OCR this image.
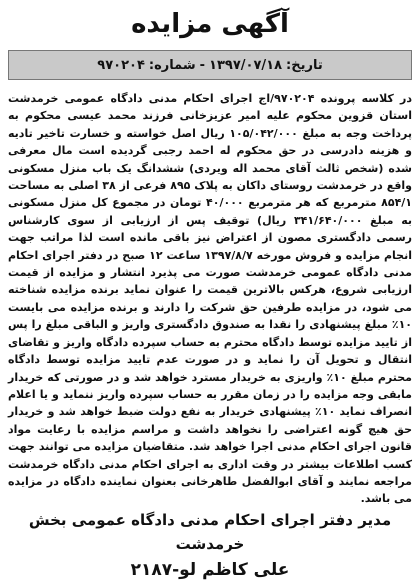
آگهی مزایده
تاریخ:
۱۳۹۷/۰۷/۱۸
-
شماره:
۹۷۰۲۰۴
در کلاسه پرونده ۹۷۰۲۰۴/اج اجرای احکام مدنی دادگاه عمومی خرمدشت استان قزوین محکوم علیه امیر عزیزخانی فرزند محمد عیسی محکوم به پرداخت وجه به مبلغ ۱۰۵/۰۴۲/۰۰۰ ریال اصل خواسته و خسارت تاخیر تادیه و هزینه دادرسی در حق محکوم له احمد رجبی گردیده است مال معرفی شده (شخص ثالث آقای محمد اله ویردی) ششدانگ یک باب منزل مسکونی واقع در خرمدشت روستای داکان به پلاک ۸۹۵ فرعی از ۳۸ اصلی به مساحت ۸۵۴/۱ مترمربع که هر مترمربع ۴۰/۰۰۰ تومان در مجموع کل منزل مسکونی به مبلغ ۳۴۱/۶۴۰/۰۰۰ ریال) توقیف پس از ارزیابی از سوی کارشناس رسمی دادگستری مصون از اعتراض نیز باقی مانده است لذا مراتب جهت انجام مزایده و فروش مورخه ۱۳۹۷/۸/۷ ساعت ۱۲ صبح در دفتر اجرای احکام مدنی دادگاه عمومی خرمدشت صورت می پذیرد انتشار و مزایده از قیمت ارزیابی شروع، هرکس بالاترین قیمت را عنوان نماید برنده مزایده شناخته می شود، در مزایده طرفین حق شرکت را دارند و برنده مزایده می بایست ۱۰٪ مبلغ پیشنهادی را نقدا به صندوق دادگستری واریز و الباقی مبلغ را پس از تایید مزایده توسط دادگاه محترم به حساب سپرده دادگاه واریز و تقاضای انتقال و تحویل آن را نماید و در صورت عدم تایید مزایده توسط دادگاه محترم مبلغ ۱۰٪ واریزی به خریدار مسترد خواهد شد و در صورتی که خریدار مابقی وجه مزایده را در زمان مقرر به حساب سپرده واریز ننماید و یا اعلام انصراف نماید ۱۰٪ پیشنهادی خریدار به نفع دولت ضبط خواهد شد و خریدار حق هیچ گونه اعتراضی را نخواهد داشت و مراسم مزایده با رعایت مواد قانون اجرای احکام مدنی اجرا خواهد شد. متقاضیان مزایده می توانند جهت کسب اطلاعات بیشتر در وقت اداری به اجرای احکام مدنی دادگاه خرمدشت مراجعه نمایند و آقای ابوالفضل طاهرخانی بعنوان نماینده دادگاه در مزایده می باشد.
مدیر دفتر اجرای احکام مدنی دادگاه عمومی بخش خرمدشت
علی کاظم لو-۲۱۸۷
